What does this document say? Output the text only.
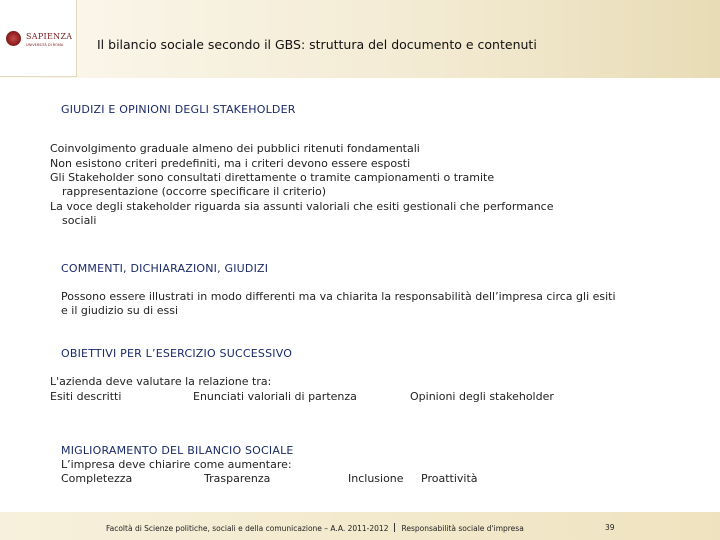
SAPIENZA
UNIVERSITÀ DI ROMA	Il bilancio sociale secondo il GBS: struttura del documento e contenuti
GIUDIZI E OPINIONI DEGLI STAKEHOLDER
Coinvolgimento graduale almeno dei pubblici ritenuti fondamentali
Non esistono criteri predefiniti, ma i criteri devono essere esposti
Gli Stakeholder sono consultati direttamente o tramite campionamenti o tramite
rappresentazione (occorre specificare il criterio)
La voce degli stakeholder riguarda sia assunti valoriali che esiti gestionali che performance
sociali
COMMENTI, DICHIARAZIONI, GIUDIZI
Possono essere illustrati in modo differenti ma va chiarita la responsabilità dell’impresa circa gli esiti
e il giudizio su di essi
OBIETTIVI PER L’ESERCIZIO SUCCESSIVO
L'azienda deve valutare la relazione tra:
Esiti descritti	Enunciati valoriali di partenza	Opinioni degli stakeholder
MIGLIORAMENTO DEL BILANCIO SOCIALE
L’impresa deve chiarire come aumentare:
Completezza	Trasparenza	Inclusione Proattività
Facoltà di Scienze politiche, sociali e della comunicazione – A.A. 2011-2012 Responsabilità sociale d'impresa	39
